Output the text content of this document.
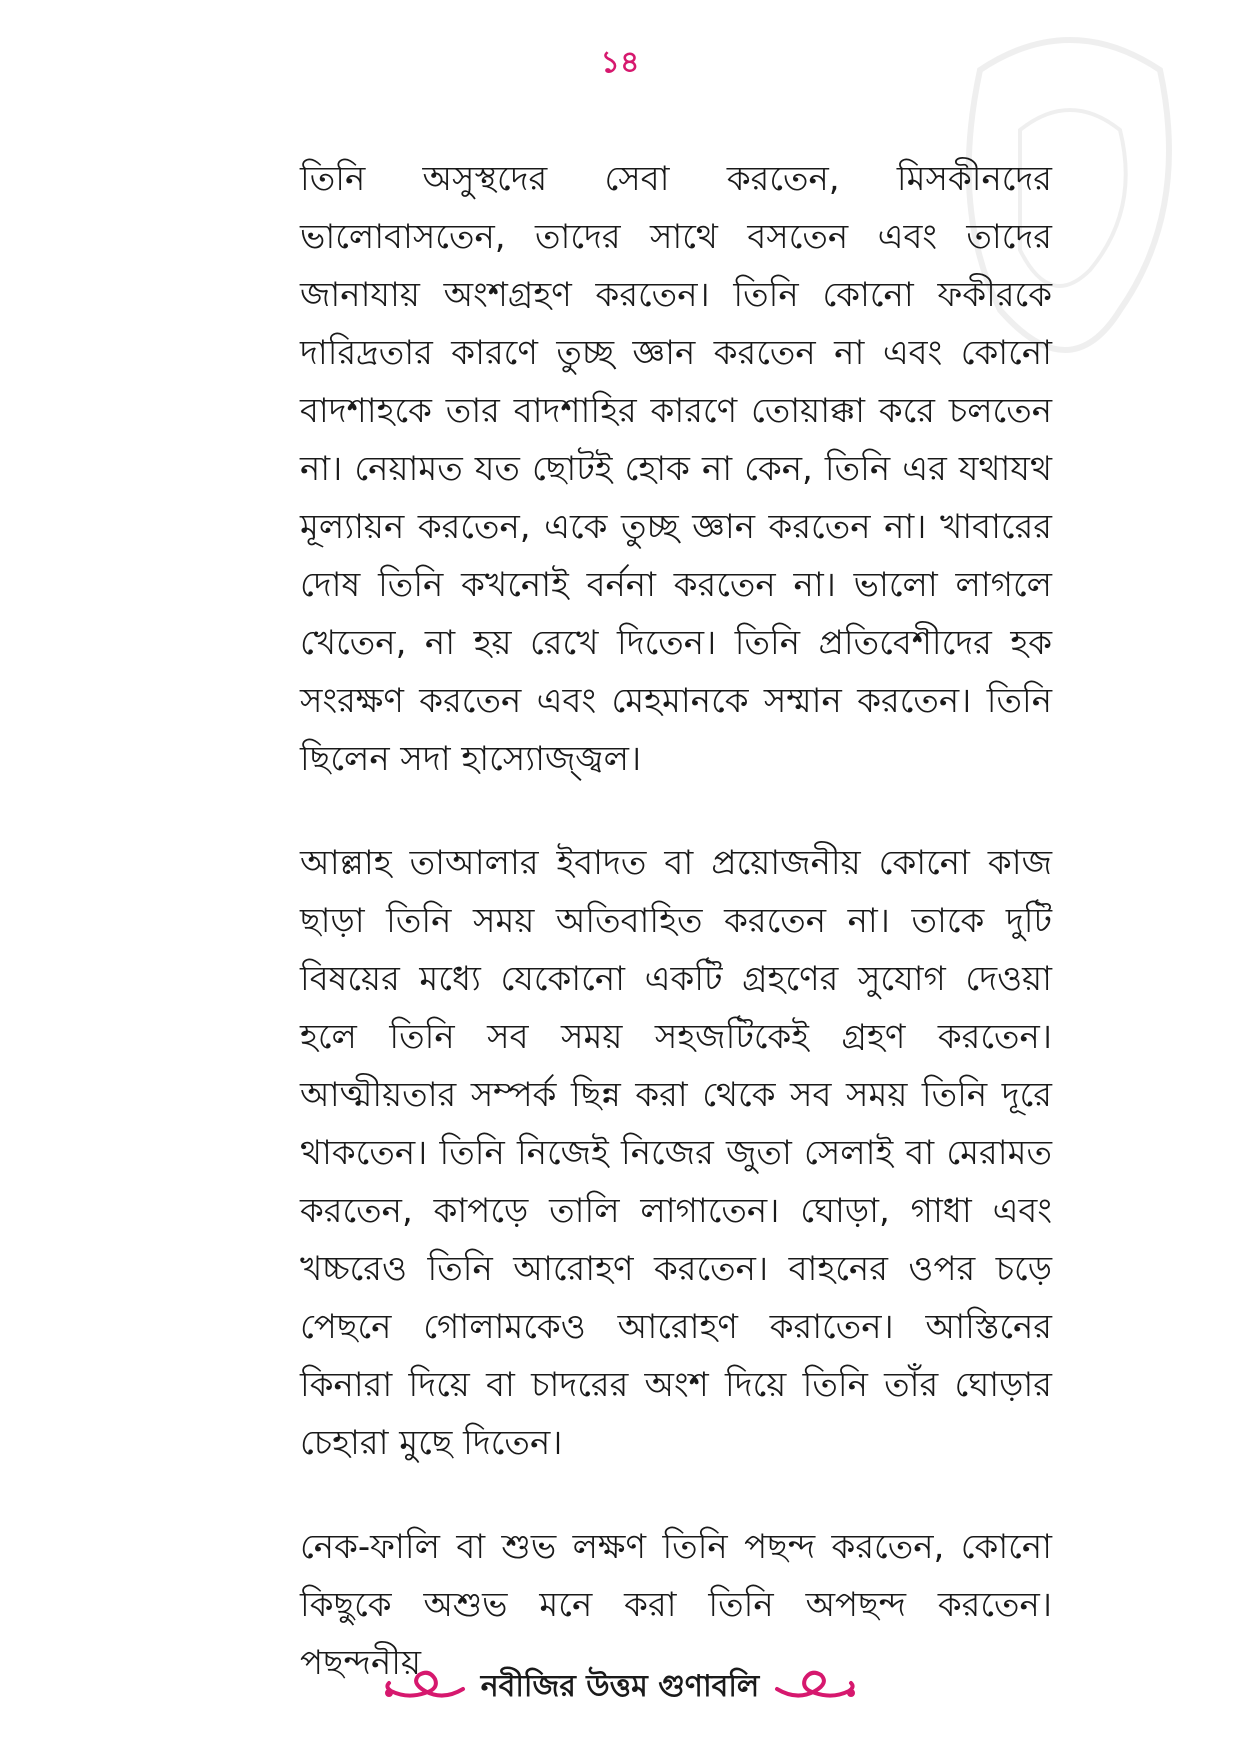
১৪

তিনি অসুস্থদের সেবা করতেন, মিসকীনদের ভালোবাসতেন, তাদের সাথে বসতেন এবং তাদের জানাযায় অংশগ্রহণ করতেন। তিনি কোনো ফকীরকে দারিদ্রতার কারণে তুচ্ছ জ্ঞান করতেন না এবং কোনো বাদশাহকে তার বাদশাহির কারণে তোয়াক্কা করে চলতেন না। নেয়ামত যত ছোটই হোক না কেন, তিনি এর যথাযথ মূল্যায়ন করতেন, একে তুচ্ছ জ্ঞান করতেন না। খাবারের দোষ তিনি কখনোই বর্ননা করতেন না। ভালো লাগলে খেতেন, না হয় রেখে দিতেন। তিনি প্রতিবেশীদের হক সংরক্ষণ করতেন এবং মেহমানকে সম্মান করতেন। তিনি ছিলেন সদা হাস্যোজ্জ্বল।

আল্লাহ তাআলার ইবাদত বা প্রয়োজনীয় কোনো কাজ ছাড়া তিনি সময় অতিবাহিত করতেন না। তাকে দুটি বিষয়ের মধ্যে যেকোনো একটি গ্রহণের সুযোগ দেওয়া হলে তিনি সব সময় সহজটিকেই গ্রহণ করতেন। আত্মীয়তার সম্পর্ক ছিন্ন করা থেকে সব সময় তিনি দূরে থাকতেন। তিনি নিজেই নিজের জুতা সেলাই বা মেরামত করতেন, কাপড়ে তালি লাগাতেন। ঘোড়া, গাধা এবং খচ্চরেও তিনি আরোহণ করতেন। বাহনের ওপর চড়ে পেছনে গোলামকেও আরোহণ করাতেন। আস্তিনের কিনারা দিয়ে বা চাদরের অংশ দিয়ে তিনি তাঁর ঘোড়ার চেহারা মুছে দিতেন।

নেক-ফালি বা শুভ লক্ষণ তিনি পছন্দ করতেন, কোনো কিছুকে অশুভ মনে করা তিনি অপছন্দ করতেন। পছন্দনীয়

নবীজির উত্তম গুণাবলি
